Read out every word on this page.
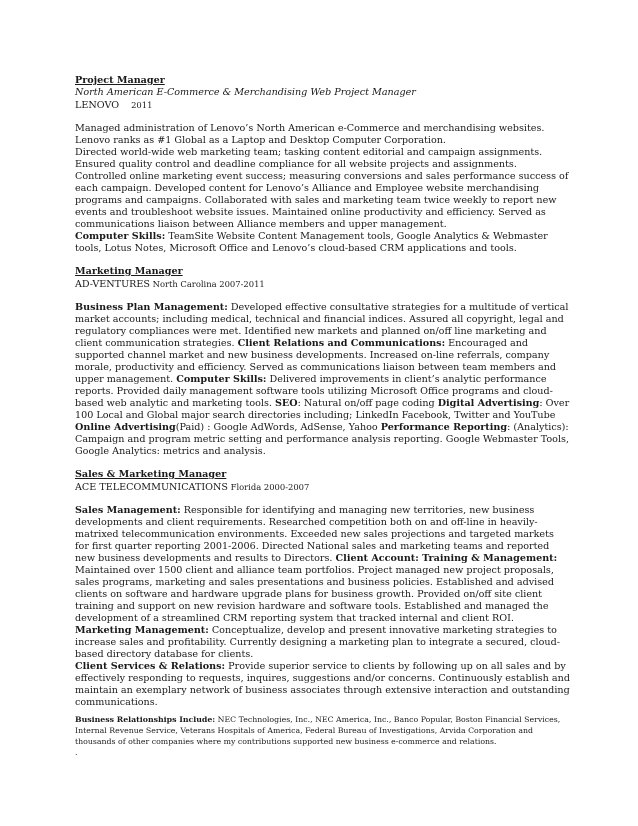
Project Manager

North American E-Commerce & Merchandising Web Project Manager

LENOVO 2011

Managed administration of Lenovo’s North American e-Commerce and merchandising websites. Lenovo ranks as #1 Global as a Laptop and Desktop Computer Corporation.

Directed world-wide web marketing team; tasking content editorial and campaign assignments. Ensured quality control and deadline compliance for all website projects and assignments. Controlled online marketing event success; measuring conversions and sales performance success of each campaign. Developed content for Lenovo’s Alliance and Employee website merchandising programs and campaigns. Collaborated with sales and marketing team twice weekly to report new events and troubleshoot website issues. Maintained online productivity and efficiency. Served as communications liaison between Alliance members and upper management.

Computer Skills: TeamSite Website Content Management tools, Google Analytics & Webmaster tools, Lotus Notes, Microsoft Office and Lenovo’s cloud-based CRM applications and tools.

Marketing Manager

AD-VENTURES North Carolina 2007-2011

Business Plan Management: Developed effective consultative strategies for a multitude of vertical market accounts; including medical, technical and financial indices. Assured all copyright, legal and regulatory compliances were met. Identified new markets and planned on/off line marketing and client communication strategies. Client Relations and Communications: Encouraged and supported channel market and new business developments. Increased on-line referrals, company morale, productivity and efficiency. Served as communications liaison between team members and upper management. Computer Skills: Delivered improvements in client’s analytic performance reports. Provided daily management software tools utilizing Microsoft Office programs and cloud-based web analytic and marketing tools. SEO: Natural on/off page coding Digital Advertising: Over 100 Local and Global major search directories including; LinkedIn Facebook, Twitter and YouTube Online Advertising(Paid) : Google AdWords, AdSense, Yahoo Performance Reporting: (Analytics): Campaign and program metric setting and performance analysis reporting. Google Webmaster Tools, Google Analytics: metrics and analysis.

Sales & Marketing Manager

ACE TELECOMMUNICATIONS Florida 2000-2007

Sales Management: Responsible for identifying and managing new territories, new business developments and client requirements. Researched competition both on and off-line in heavily-matrixed telecommunication environments. Exceeded new sales projections and targeted markets for first quarter reporting 2001-2006. Directed National sales and marketing teams and reported new business developments and results to Directors. Client Account: Training & Management: Maintained over 1500 client and alliance team portfolios. Project managed new project proposals, sales programs, marketing and sales presentations and business policies. Established and advised clients on software and hardware upgrade plans for business growth. Provided on/off site client training and support on new revision hardware and software tools. Established and managed the development of a streamlined CRM reporting system that tracked internal and client ROI. Marketing Management: Conceptualize, develop and present innovative marketing strategies to increase sales and profitability. Currently designing a marketing plan to integrate a secured, cloud-based directory database for clients.

Client Services & Relations: Provide superior service to clients by following up on all sales and by effectively responding to requests, inquires, suggestions and/or concerns. Continuously establish and maintain an exemplary network of business associates through extensive interaction and outstanding communications.

Business Relationships Include: NEC Technologies, Inc., NEC America, Inc., Banco Popular, Boston Financial Services, Internal Revenue Service, Veterans Hospitals of America, Federal Bureau of Investigations, Arvida Corporation and thousands of other companies where my contributions supported new business e-commerce and relations.

.
